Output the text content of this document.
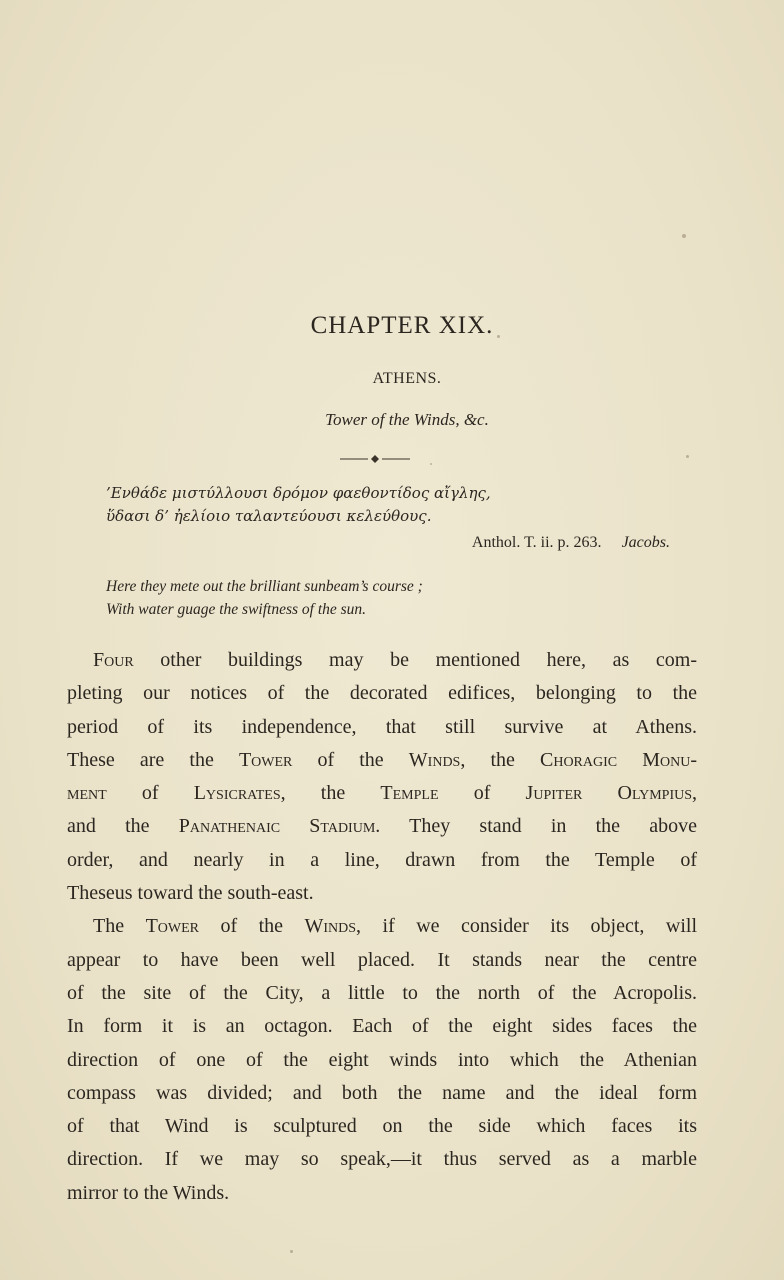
CHAPTER XIX.
ATHENS.
Tower of the Winds, &c.
’Ενθάδε μιστύλλουσι δρόμον φαεθοντίδος αἴγλης,
ὕδασι δ’ ἠελίοιο ταλαντεύουσι κελεύθους.
Anthol. T. ii. p. 263. Jacobs.
Here they mete out the brilliant sunbeam’s course ;
With water guage the swiftness of the sun.

Four other buildings may be mentioned here, as com-
pleting our notices of the decorated edifices, belonging to the
period of its independence, that still survive at Athens.
These are the Tower of the Winds, the Choragic Monu-
ment of Lysicrates, the Temple of Jupiter Olympius,
and the Panathenaic Stadium. They stand in the above
order, and nearly in a line, drawn from the Temple of
Theseus toward the south-east.

The Tower of the Winds, if we consider its object, will
appear to have been well placed. It stands near the centre
of the site of the City, a little to the north of the Acropolis.
In form it is an octagon. Each of the eight sides faces the
direction of one of the eight winds into which the Athenian
compass was divided; and both the name and the ideal form
of that Wind is sculptured on the side which faces its
direction. If we may so speak,—it thus served as a marble
mirror to the Winds.
